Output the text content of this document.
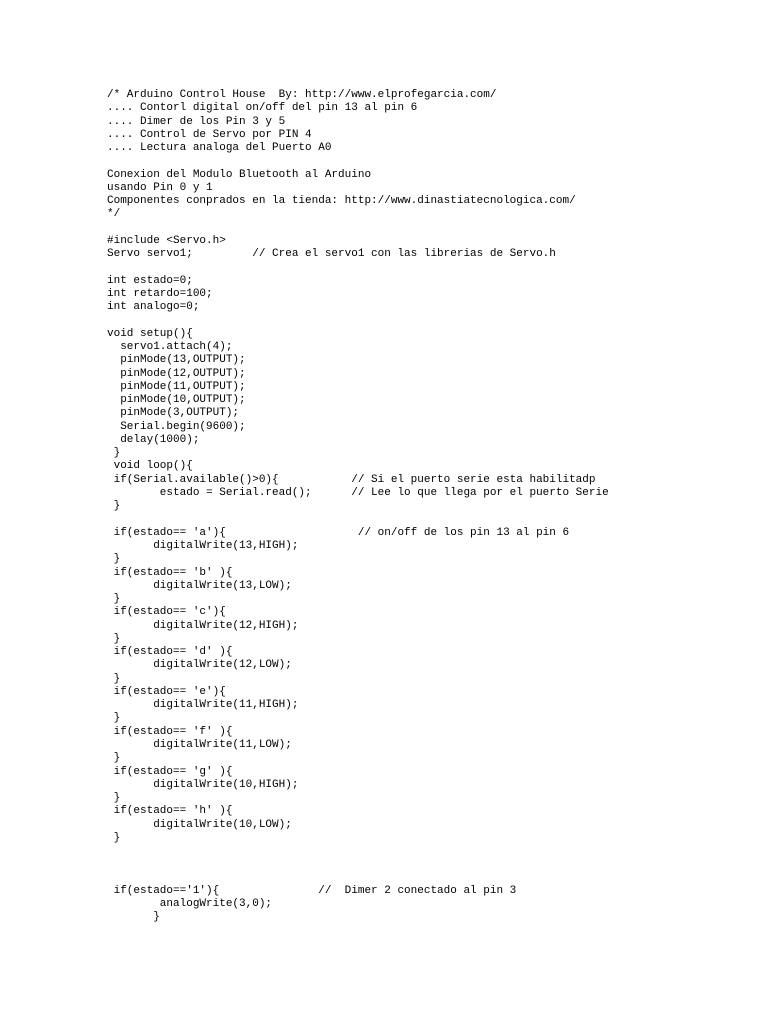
/* Arduino Control House  By: http://www.elprofegarcia.com/
.... Contorl digital on/off del pin 13 al pin 6
.... Dimer de los Pin 3 y 5
.... Control de Servo por PIN 4
.... Lectura analoga del Puerto A0
Conexion del Modulo Bluetooth al Arduino
usando Pin 0 y 1
Componentes conprados en la tienda: http://www.dinastiatecnologica.com/
*/
#include <Servo.h>
Servo servo1;         // Crea el servo1 con las librerias de Servo.h
int estado=0;
int retardo=100;
int analogo=0;
void setup(){
servo1.attach(4);
pinMode(13,OUTPUT);
pinMode(12,OUTPUT);
pinMode(11,OUTPUT);
pinMode(10,OUTPUT);
pinMode(3,OUTPUT);
Serial.begin(9600);
delay(1000);
}
void loop(){
if(Serial.available()>0){           // Si el puerto serie esta habilitadp
estado = Serial.read();      // Lee lo que llega por el puerto Serie
}
if(estado== 'a'){                    // on/off de los pin 13 al pin 6
digitalWrite(13,HIGH);
}
if(estado== 'b' ){
digitalWrite(13,LOW);
}
if(estado== 'c'){
digitalWrite(12,HIGH);
}
if(estado== 'd' ){
digitalWrite(12,LOW);
}
if(estado== 'e'){
digitalWrite(11,HIGH);
}
if(estado== 'f' ){
digitalWrite(11,LOW);
}
if(estado== 'g' ){
digitalWrite(10,HIGH);
}
if(estado== 'h' ){
digitalWrite(10,LOW);
}
if(estado=='1'){               //  Dimer 2 conectado al pin 3
analogWrite(3,0);
}
